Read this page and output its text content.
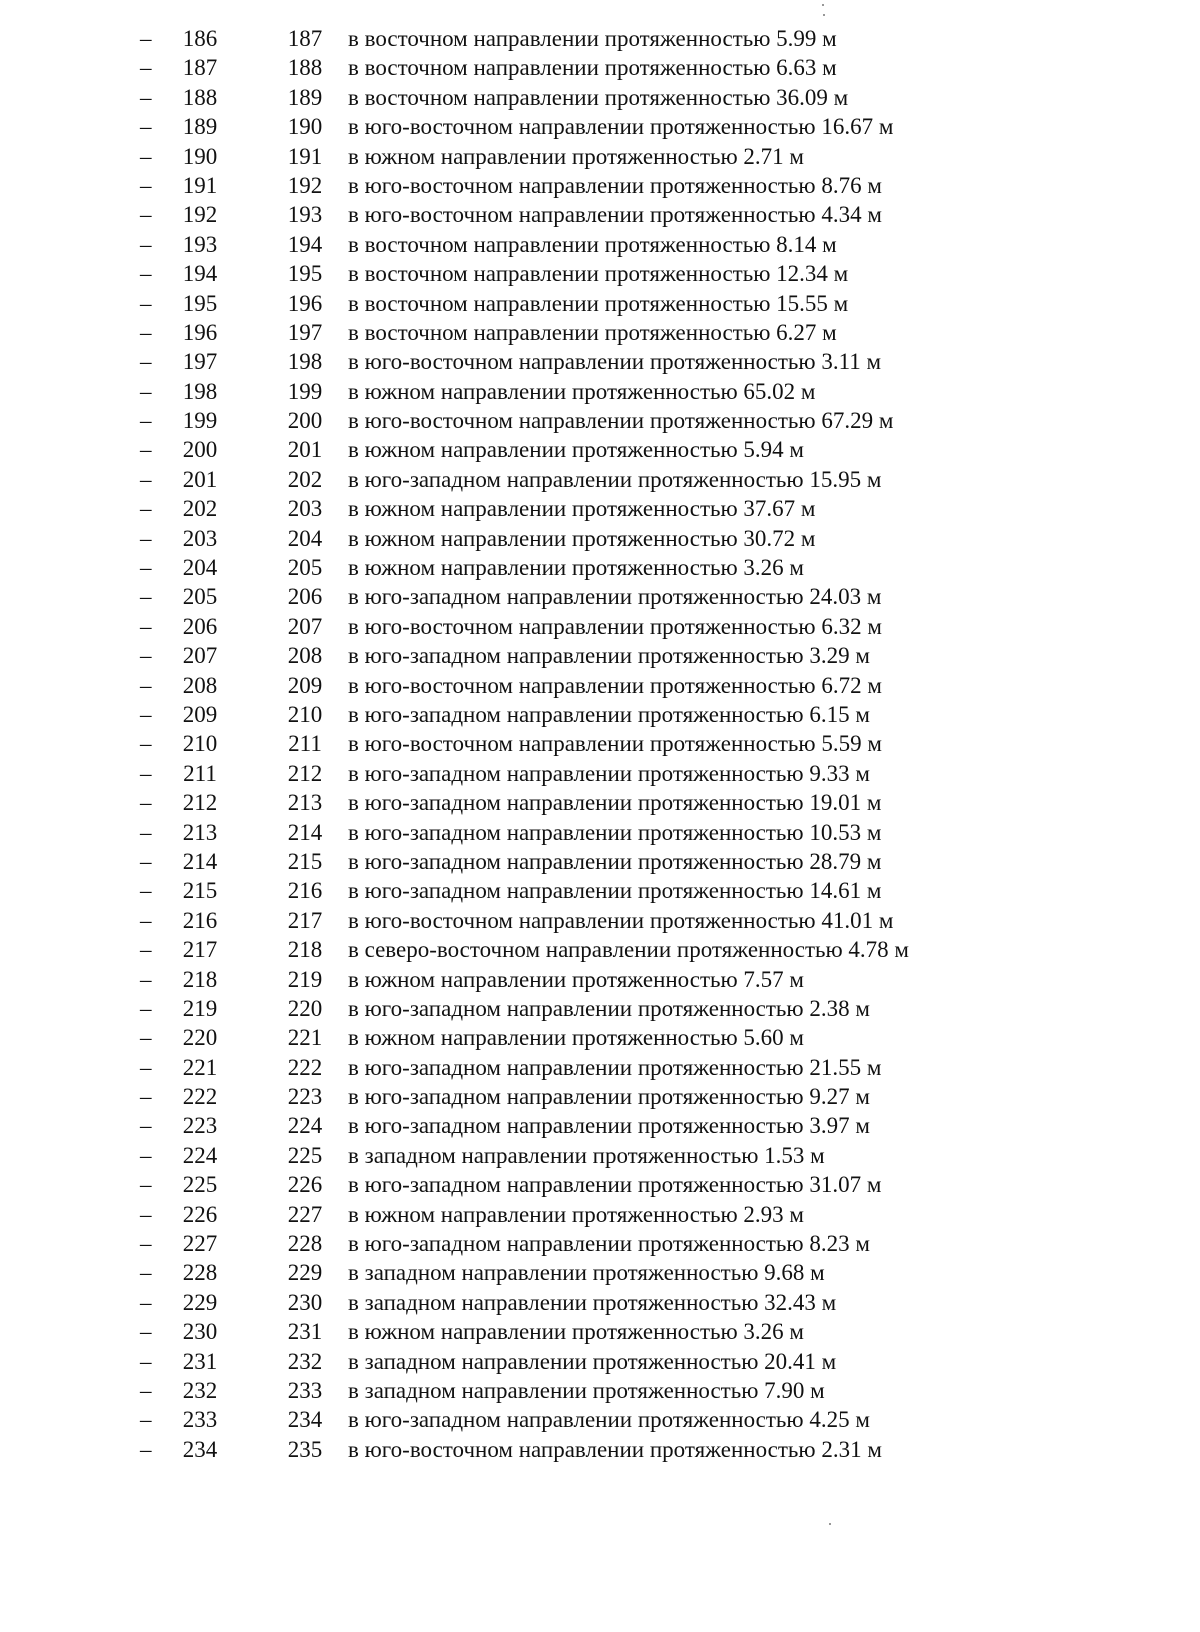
–	186	187	в восточном направлении протяженностью 5.99 м
–	187	188	в восточном направлении протяженностью 6.63 м
–	188	189	в восточном направлении протяженностью 36.09 м
–	189	190	в юго-восточном направлении протяженностью 16.67 м
–	190	191	в южном направлении протяженностью 2.71 м
–	191	192	в юго-восточном направлении протяженностью 8.76 м
–	192	193	в юго-восточном направлении протяженностью 4.34 м
–	193	194	в восточном направлении протяженностью 8.14 м
–	194	195	в восточном направлении протяженностью 12.34 м
–	195	196	в восточном направлении протяженностью 15.55 м
–	196	197	в восточном направлении протяженностью 6.27 м
–	197	198	в юго-восточном направлении протяженностью 3.11 м
–	198	199	в южном направлении протяженностью 65.02 м
–	199	200	в юго-восточном направлении протяженностью 67.29 м
–	200	201	в южном направлении протяженностью 5.94 м
–	201	202	в юго-западном направлении протяженностью 15.95 м
–	202	203	в южном направлении протяженностью 37.67 м
–	203	204	в южном направлении протяженностью 30.72 м
–	204	205	в южном направлении протяженностью 3.26 м
–	205	206	в юго-западном направлении протяженностью 24.03 м
–	206	207	в юго-восточном направлении протяженностью 6.32 м
–	207	208	в юго-западном направлении протяженностью 3.29 м
–	208	209	в юго-восточном направлении протяженностью 6.72 м
–	209	210	в юго-западном направлении протяженностью 6.15 м
–	210	211	в юго-восточном направлении протяженностью 5.59 м
–	211	212	в юго-западном направлении протяженностью 9.33 м
–	212	213	в юго-западном направлении протяженностью 19.01 м
–	213	214	в юго-западном направлении протяженностью 10.53 м
–	214	215	в юго-западном направлении протяженностью 28.79 м
–	215	216	в юго-западном направлении протяженностью 14.61 м
–	216	217	в юго-восточном направлении протяженностью 41.01 м
–	217	218	в северо-восточном направлении протяженностью 4.78 м
–	218	219	в южном направлении протяженностью 7.57 м
–	219	220	в юго-западном направлении протяженностью 2.38 м
–	220	221	в южном направлении протяженностью 5.60 м
–	221	222	в юго-западном направлении протяженностью 21.55 м
–	222	223	в юго-западном направлении протяженностью 9.27 м
–	223	224	в юго-западном направлении протяженностью 3.97 м
–	224	225	в западном направлении протяженностью 1.53 м
–	225	226	в юго-западном направлении протяженностью 31.07 м
–	226	227	в южном направлении протяженностью 2.93 м
–	227	228	в юго-западном направлении протяженностью 8.23 м
–	228	229	в западном направлении протяженностью 9.68 м
–	229	230	в западном направлении протяженностью 32.43 м
–	230	231	в южном направлении протяженностью 3.26 м
–	231	232	в западном направлении протяженностью 20.41 м
–	232	233	в западном направлении протяженностью 7.90 м
–	233	234	в юго-западном направлении протяженностью 4.25 м
–	234	235	в юго-восточном направлении протяженностью 2.31 м
